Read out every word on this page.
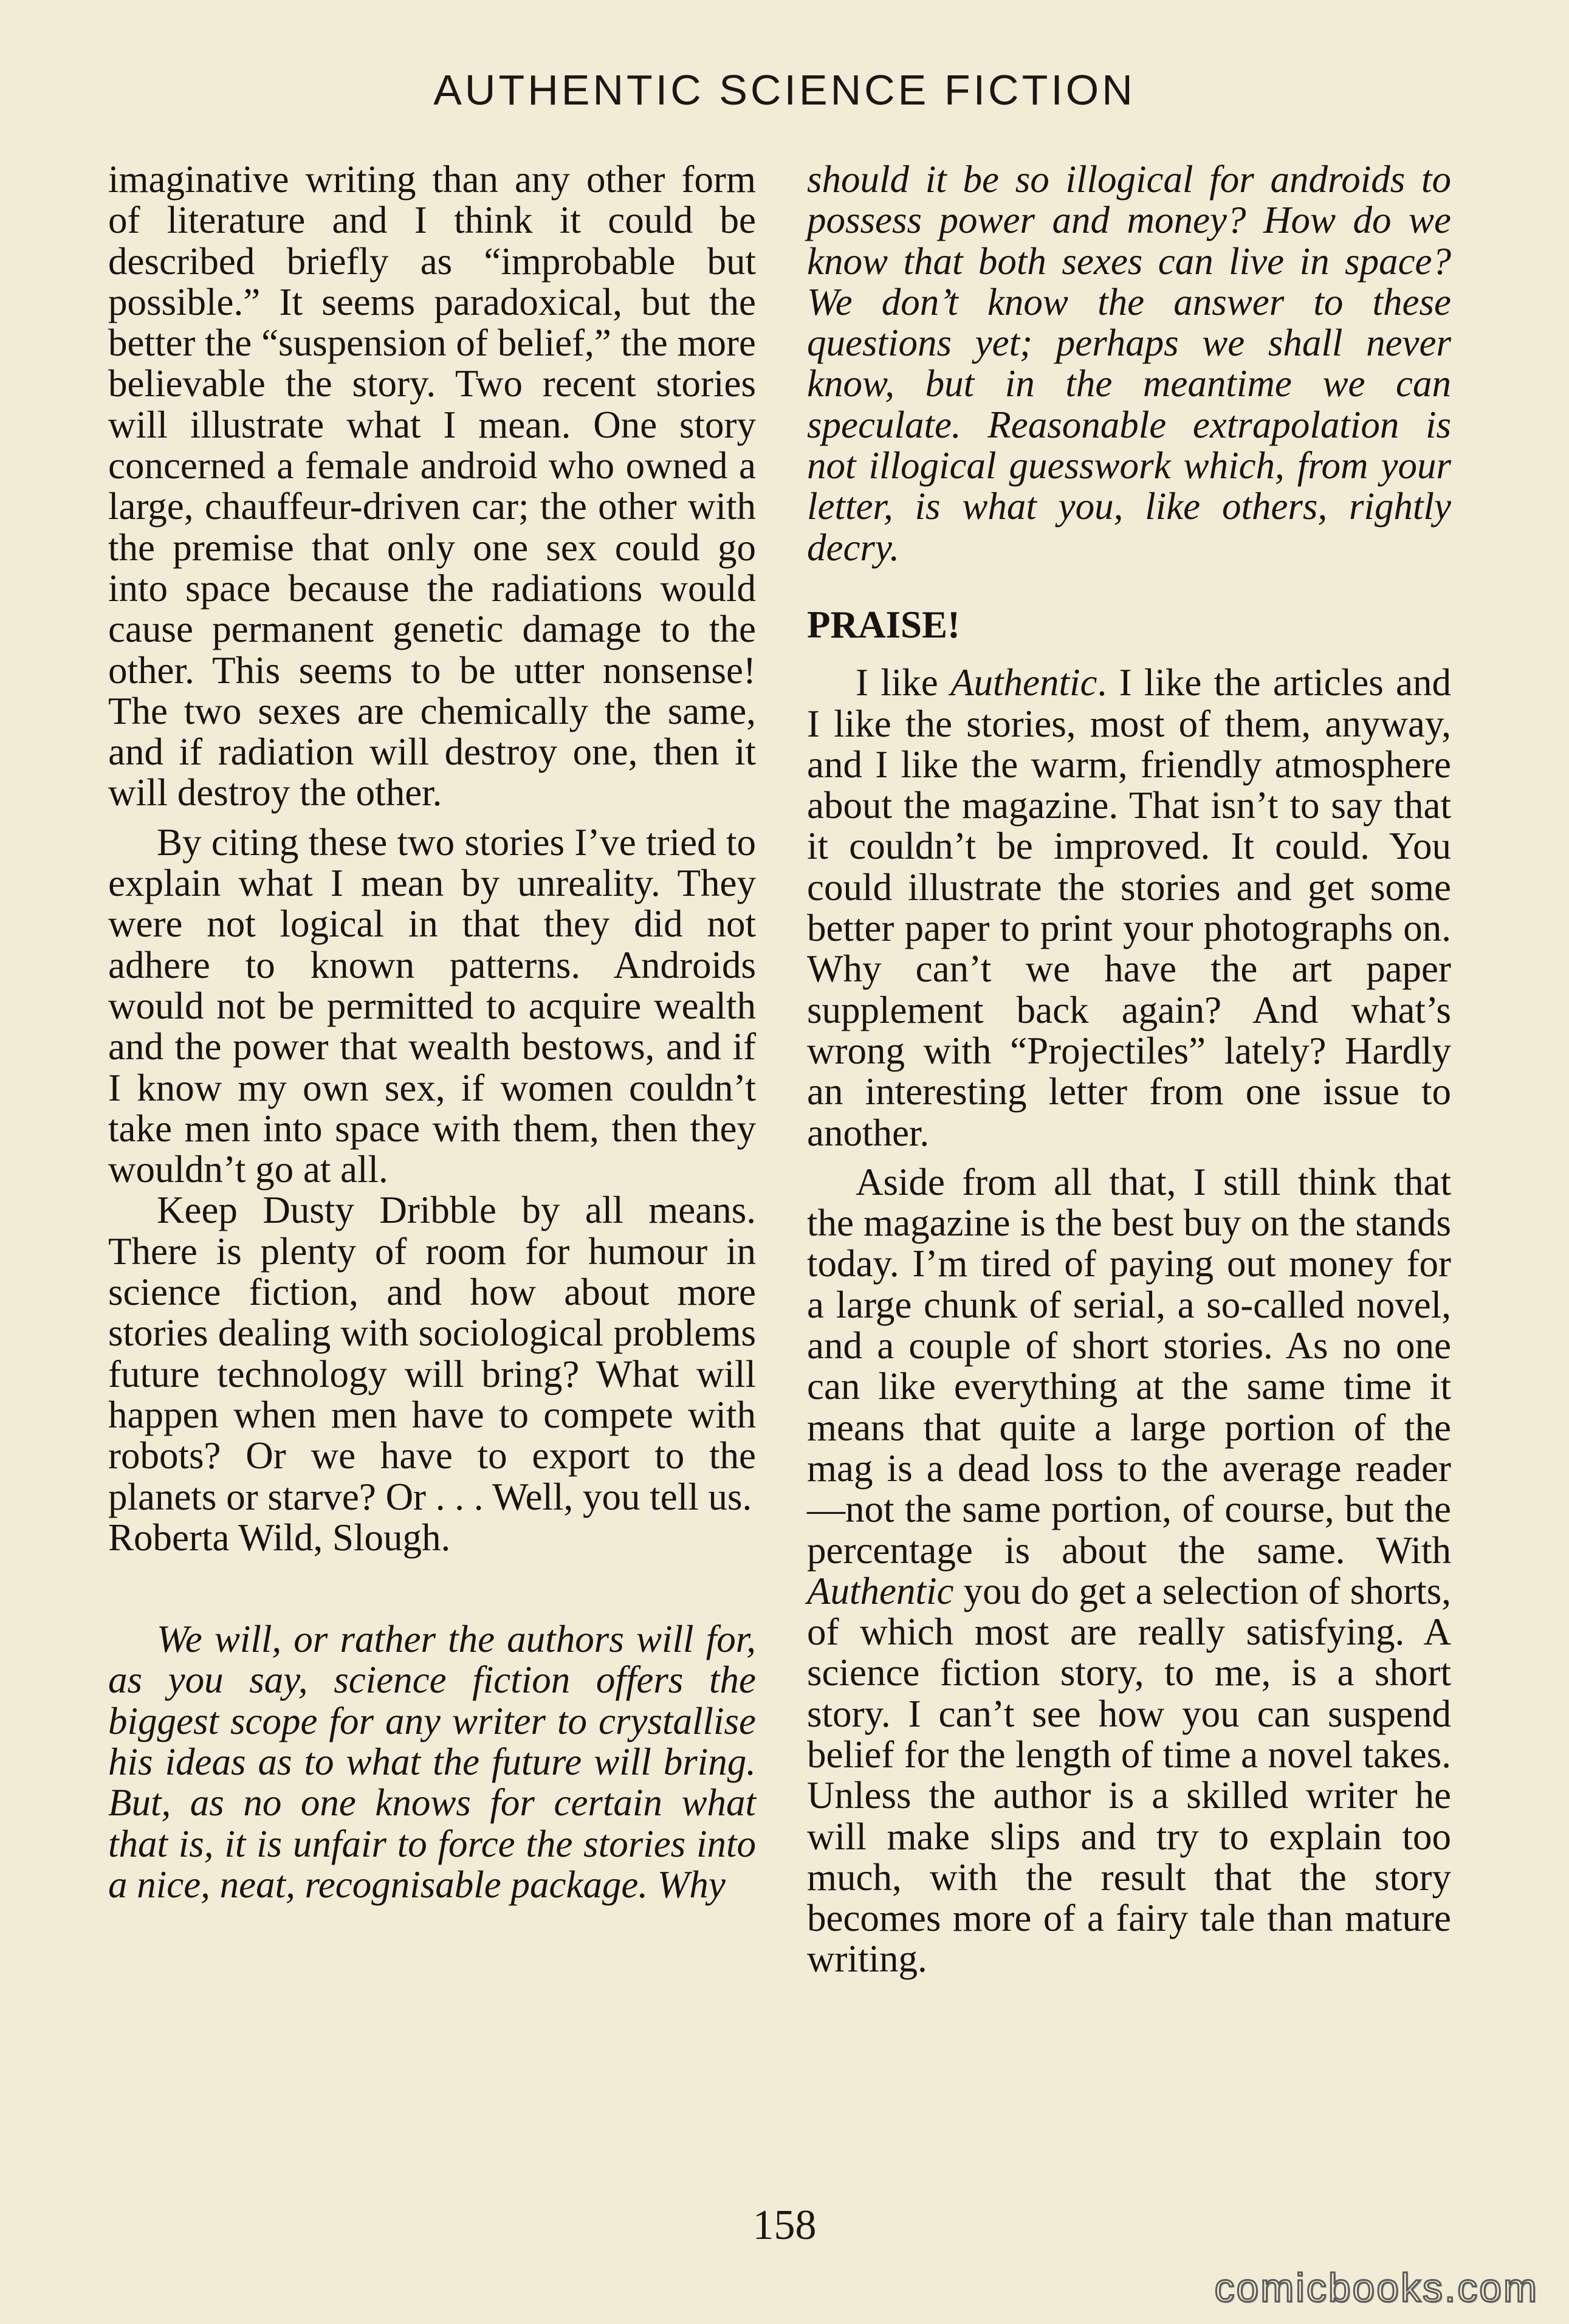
AUTHENTIC SCIENCE FICTION

imaginative writing than any other form of literature and I think it could be described briefly as “improbable but possible.” It seems paradoxical, but the better the “suspension of belief,” the more believable the story. Two recent stories will illustrate what I mean. One story concerned a female android who owned a large, chauffeur-driven car; the other with the premise that only one sex could go into space because the radiations would cause permanent genetic damage to the other. This seems to be utter nonsense! The two sexes are chemically the same, and if radiation will destroy one, then it will destroy the other.

By citing these two stories I’ve tried to explain what I mean by unreality. They were not logical in that they did not adhere to known patterns. Androids would not be permitted to acquire wealth and the power that wealth bestows, and if I know my own sex, if women couldn’t take men into space with them, then they wouldn’t go at all.

Keep Dusty Dribble by all means. There is plenty of room for humour in science fiction, and how about more stories dealing with sociological problems future technology will bring? What will happen when men have to compete with robots? Or we have to export to the planets or starve? Or . . . Well, you tell us.

Roberta Wild, Slough.

We will, or rather the authors will for, as you say, science fiction offers the biggest scope for any writer to crystallise his ideas as to what the future will bring. But, as no one knows for certain what that is, it is unfair to force the stories into a nice, neat, recognisable package. Why

should it be so illogical for androids to possess power and money? How do we know that both sexes can live in space? We don’t know the answer to these questions yet; perhaps we shall never know, but in the meantime we can speculate. Reasonable extrapolation is not illogical guesswork which, from your letter, is what you, like others, rightly decry.

PRAISE!

I like Authentic. I like the articles and I like the stories, most of them, anyway, and I like the warm, friendly atmosphere about the magazine. That isn’t to say that it couldn’t be improved. It could. You could illustrate the stories and get some better paper to print your photographs on. Why can’t we have the art paper supplement back again? And what’s wrong with “Projectiles” lately? Hardly an interesting letter from one issue to another.

Aside from all that, I still think that the magazine is the best buy on the stands today. I’m tired of paying out money for a large chunk of serial, a so-called novel, and a couple of short stories. As no one can like everything at the same time it means that quite a large portion of the mag is a dead loss to the average reader—not the same portion, of course, but the percentage is about the same. With Authentic you do get a selection of shorts, of which most are really satisfying. A science fiction story, to me, is a short story. I can’t see how you can suspend belief for the length of time a novel takes. Unless the author is a skilled writer he will make slips and try to explain too much, with the result that the story becomes more of a fairy tale than mature writing.

158
comicbooks.com
